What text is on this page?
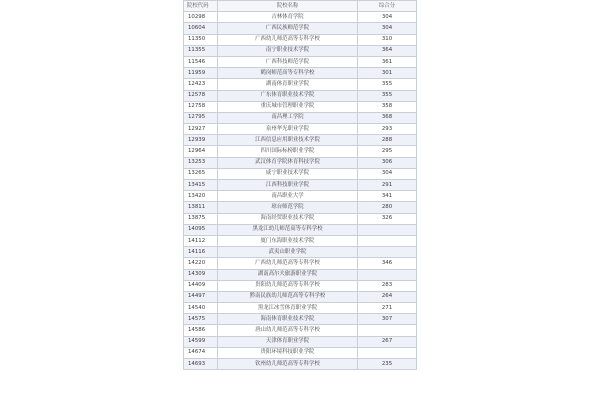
院校代码	院校名称	综合分
10298	吉林体育学院	304
10604	广西民族师范学院	304
11350	广西幼儿师范高等专科学校	310
11355	南宁职业技术学院	364
11546	广西科技师范学院	361
11959	鹤岗师范高等专科学校	301
12423	湖南体育职业学院	355
12578	广东体育职业技术学院	355
12758	重庆城市管理职业学院	358
12795	南昌理工学院	368
12927	泉州华光职业学院	293
12939	江西信息应用职业技术学院	288
12964	四川国际标榜职业学院	295
13253	武汉体育学院体育科技学院	306
13265	咸宁职业技术学院	304
13415	江西科技职业学院	291
13420	南昌职业大学	341
13811	琼台师范学院	280
13875	海南经贸职业技术学院	326
14095	黑龙江幼儿师范高等专科学校	
14112	厦门东海职业技术学院	
14116	武夷山职业学院	
14220	广西幼儿师范高等专科学校	346
14309	湖南高尔夫旅游职业学院	
14409	贵阳幼儿师范高等专科学校	283
14497	黔南民族幼儿师范高等专科学校	264
14540	黑龙江冰雪体育职业学院	271
14575	海南体育职业技术学院	307
14586	唐山幼儿师范高等专科学校	
14599	天津体育职业学院	267
14674	贵阳环境科技职业学院	
14693	钦州幼儿师范高等专科学校	235
